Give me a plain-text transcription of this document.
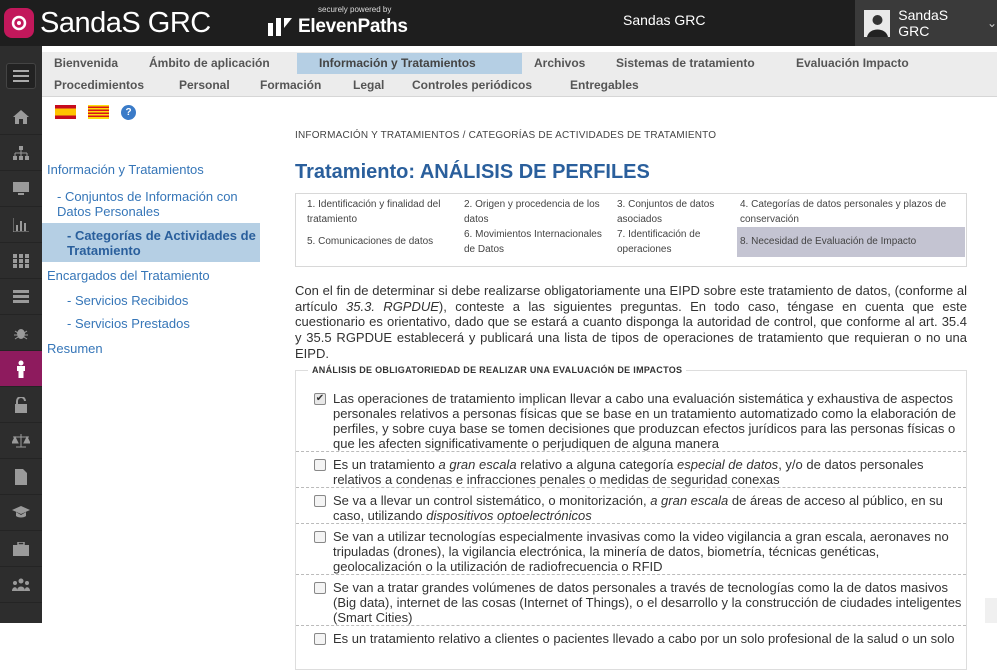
SandaS GRC	securely powered by
ElevenPaths	Sandas GRC	SandaS GRC	⌄
Bienvenida	Ámbito de aplicación	Información y Tratamientos	Archivos	Sistemas de tratamiento	Evaluación Impacto
Procedimientos	Personal	Formación	Legal	Controles periódicos	Entregables
?
Información y Tratamientos
- Conjuntos de Información con Datos Personales
- Categorías de Actividades de Tratamiento
Encargados del Tratamiento
- Servicios Recibidos
- Servicios Prestados
Resumen
INFORMACIÓN Y TRATAMIENTOS / CATEGORÍAS DE ACTIVIDADES DE TRATAMIENTO
Tratamiento: ANÁLISIS DE PERFILES
1. Identificación y finalidad del tratamiento
2. Origen y procedencia de los datos
3. Conjuntos de datos asociados
4. Categorías de datos personales y plazos de conservación
5. Comunicaciones de datos
6. Movimientos Internacionales de Datos
7. Identificación de operaciones
8. Necesidad de Evaluación de Impacto
Con el fin de determinar si debe realizarse obligatoriamente una EIPD sobre este tratamiento de datos, (conforme al artículo 35.3. RGPDUE), conteste a las siguientes preguntas. En todo caso, téngase en cuenta que este cuestionario es orientativo, dado que se estará a cuanto disponga la autoridad de control, que conforme al art. 35.4 y 35.5 RGPDUE establecerá y publicará una lista de tipos de operaciones de tratamiento que requieran o no una EIPD.
ANÁLISIS DE OBLIGATORIEDAD DE REALIZAR UNA EVALUACIÓN DE IMPACTOS
✔ Las operaciones de tratamiento implican llevar a cabo una evaluación sistemática y exhaustiva de aspectos personales relativos a personas físicas que se base en un tratamiento automatizado como la elaboración de perfiles, y sobre cuya base se tomen decisiones que produzcan efectos jurídicos para las personas físicas o que les afecten significativamente o perjudiquen de alguna manera
Es un tratamiento a gran escala relativo a alguna categoría especial de datos, y/o de datos personales relativos a condenas e infracciones penales o medidas de seguridad conexas
Se va a llevar un control sistemático, o monitorización, a gran escala de áreas de acceso al público, en su caso, utilizando dispositivos optoelectrónicos
Se van a utilizar tecnologías especialmente invasivas como la video vigilancia a gran escala, aeronaves no tripuladas (drones), la vigilancia electrónica, la minería de datos, biometría, técnicas genéticas, geolocalización o la utilización de radiofrecuencia o RFID
Se van a tratar grandes volúmenes de datos personales a través de tecnologías como la de datos masivos (Big data), internet de las cosas (Internet of Things), o el desarrollo y la construcción de ciudades inteligentes (Smart Cities)
Es un tratamiento relativo a clientes o pacientes llevado a cabo por un solo profesional de la salud o un solo
